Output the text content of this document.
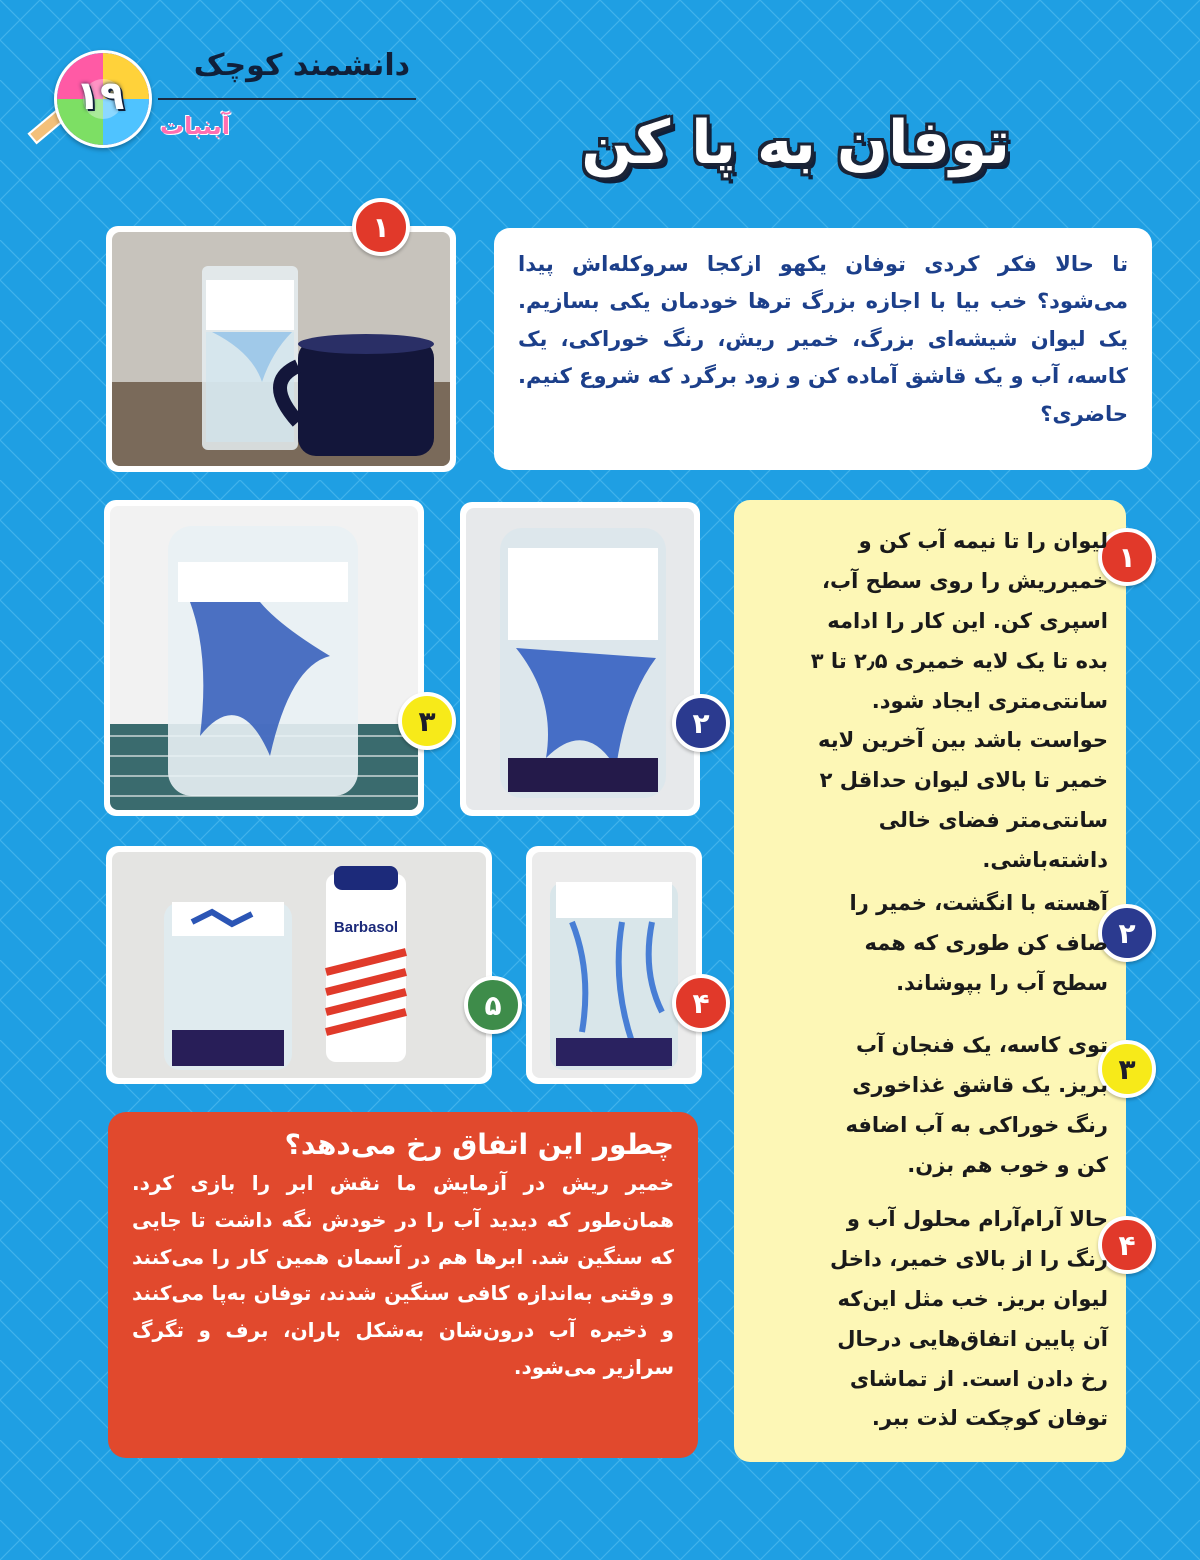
دانشمند کوچک
۱۹
آبنبات	توفان به پا کن
تا حالا فکر کردی توفان یکهو ازکجا سروکله‌اش پیدا می‌شود؟ خب بیا با اجازه بزرگ ترها خودمان یکی بسازیم. یک لیوان شیشه‌ای بزرگ، خمیر ریش، رنگ خوراکی، یک کاسه، آب و یک قاشق آماده کن و زود برگرد که شروع کنیم. حاضری؟
۱
۳	۲
Barbasol
۵	۴
۱
لیوان را تا نیمه آب کن و خمیرریش را روی سطح آب، اسپری کن. این کار را ادامه بده تا یک لایه خمیری ۲٫۵ تا ۳ سانتی‌متری ایجاد شود. حواست باشد بین آخرین لایه خمیر تا بالای لیوان حداقل ۲ سانتی‌متر فضای خالی داشته‌باشی.
۲
آهسته با انگشت، خمیر را صاف کن طوری که همه سطح آب را بپوشاند.
۳
توی کاسه، یک فنجان آب بریز. یک قاشق غذاخوری رنگ خوراکی به آب اضافه کن و خوب هم بزن.
۴
حالا آرام‌آرام محلول آب و رنگ را از بالای خمیر، داخل لیوان بریز. خب مثل این‌که آن پایین اتفاق‌هایی درحال رخ دادن است. از تماشای توفان کوچکت لذت ببر.
چطور این اتفاق رخ می‌دهد؟
خمیر ریش در آزمایش ما نقش ابر را بازی کرد. همان‌طور که دیدید آب را در خودش نگه داشت تا جایی که سنگین شد. ابرها هم در آسمان همین کار را می‌کنند و وقتی به‌اندازه کافی سنگین شدند، توفان به‌پا می‌کنند و ذخیره آب درون‌شان به‌شکل باران، برف و تگرگ سرازیر می‌شود.
